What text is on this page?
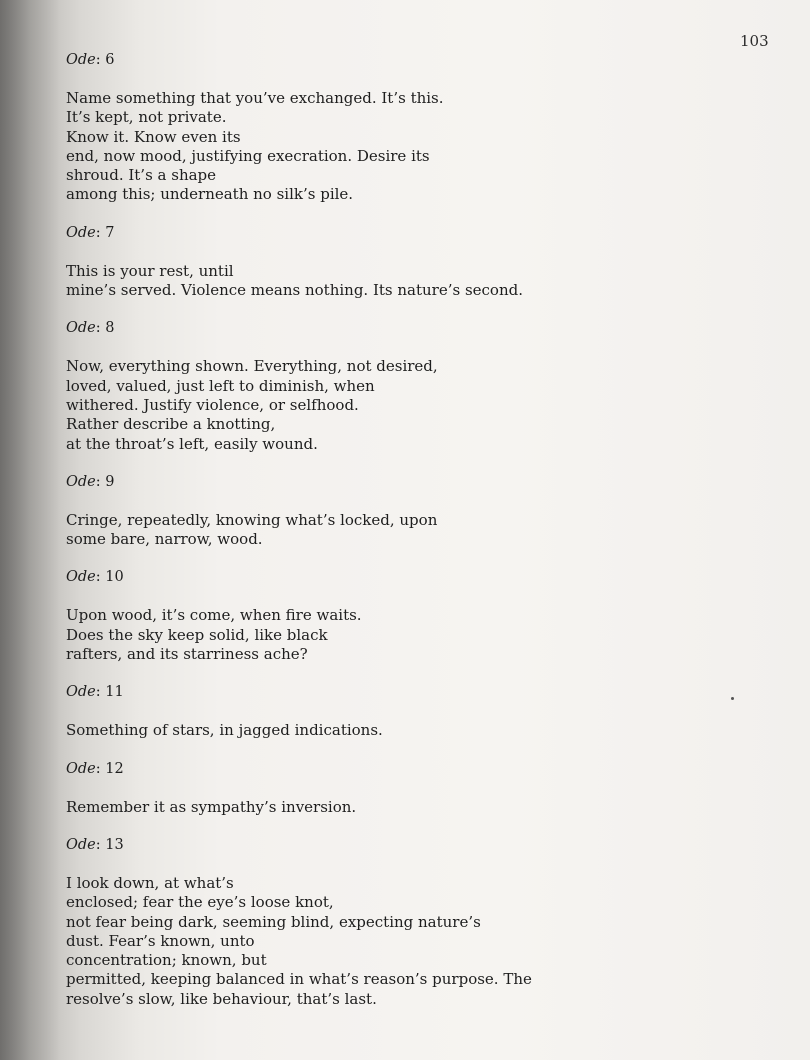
103
Ode: 6
Name something that you’ve exchanged. It’s this.
It’s kept, not private.
Know it. Know even its
end, now mood, justifying execration. Desire its
shroud. It’s a shape
among this; underneath no silk’s pile.
Ode: 7
This is your rest, until
mine’s served. Violence means nothing. Its nature’s second.
Ode: 8
Now, everything shown. Everything, not desired,
loved, valued, just left to diminish, when
withered. Justify violence, or selfhood.
Rather describe a knotting,
at the throat’s left, easily wound.
Ode: 9
Cringe, repeatedly, knowing what’s locked, upon
some bare, narrow, wood.
Ode: 10
Upon wood, it’s come, when fire waits.
Does the sky keep solid, like black
rafters, and its starriness ache?
Ode: 11
Something of stars, in jagged indications.
Ode: 12
Remember it as sympathy’s inversion.
Ode: 13
I look down, at what’s
enclosed; fear the eye’s loose knot,
not fear being dark, seeming blind, expecting nature’s
dust. Fear’s known, unto
concentration; known, but
permitted, keeping balanced in what’s reason’s purpose. The
resolve’s slow, like behaviour, that’s last.
